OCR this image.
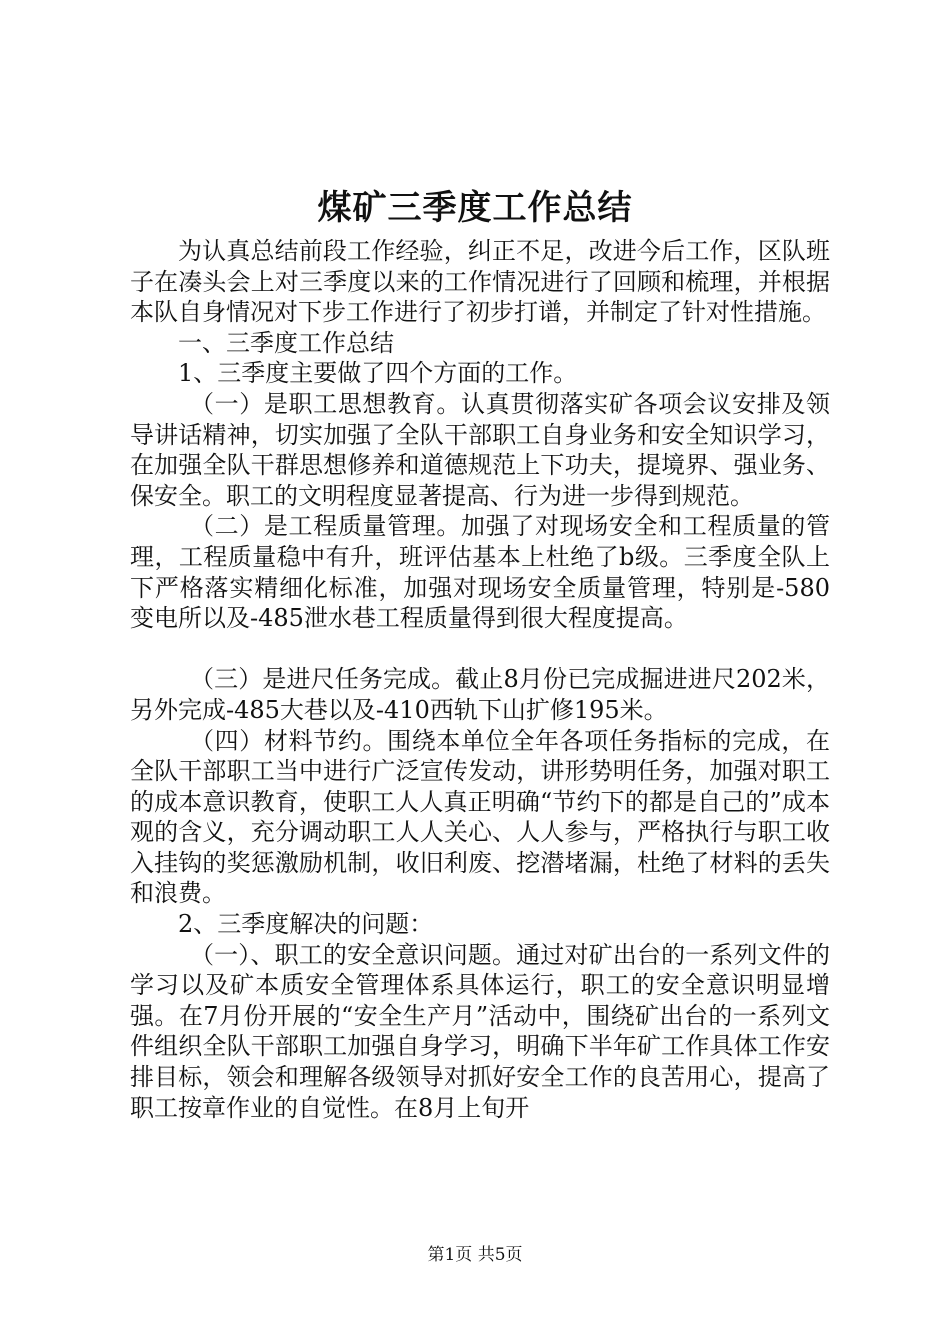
煤矿三季度工作总结

为认真总结前段工作经验，纠正不足，改进今后工作，区队班子在凑头会上对三季度以来的工作情况进行了回顾和梳理，并根据本队自身情况对下步工作进行了初步打谱，并制定了针对性措施。

一、三季度工作总结

1、三季度主要做了四个方面的工作。

（一）是职工思想教育。认真贯彻落实矿各项会议安排及领导讲话精神，切实加强了全队干部职工自身业务和安全知识学习，在加强全队干群思想修养和道德规范上下功夫，提境界、强业务、保安全。职工的文明程度显著提高、行为进一步得到规范。

（二）是工程质量管理。加强了对现场安全和工程质量的管理，工程质量稳中有升，班评估基本上杜绝了b级。三季度全队上下严格落实精细化标准，加强对现场安全质量管理，特别是-580变电所以及-485泄水巷工程质量得到很大程度提高。

（三）是进尺任务完成。截止8月份已完成掘进进尺202米，另外完成-485大巷以及-410西轨下山扩修195米。

（四）材料节约。围绕本单位全年各项任务指标的完成，在全队干部职工当中进行广泛宣传发动，讲形势明任务，加强对职工的成本意识教育，使职工人人真正明确“节约下的都是自己的”成本观的含义，充分调动职工人人关心、人人参与，严格执行与职工收入挂钩的奖惩激励机制，收旧利废、挖潜堵漏，杜绝了材料的丢失和浪费。

2、三季度解决的问题：

（一）、职工的安全意识问题。通过对矿出台的一系列文件的学习以及矿本质安全管理体系具体运行，职工的安全意识明显增强。在7月份开展的“安全生产月”活动中，围绕矿出台的一系列文件组织全队干部职工加强自身学习，明确下半年矿工作具体工作安排目标，领会和理解各级领导对抓好安全工作的良苦用心，提高了职工按章作业的自觉性。在8月上旬开

第1页 共5页
